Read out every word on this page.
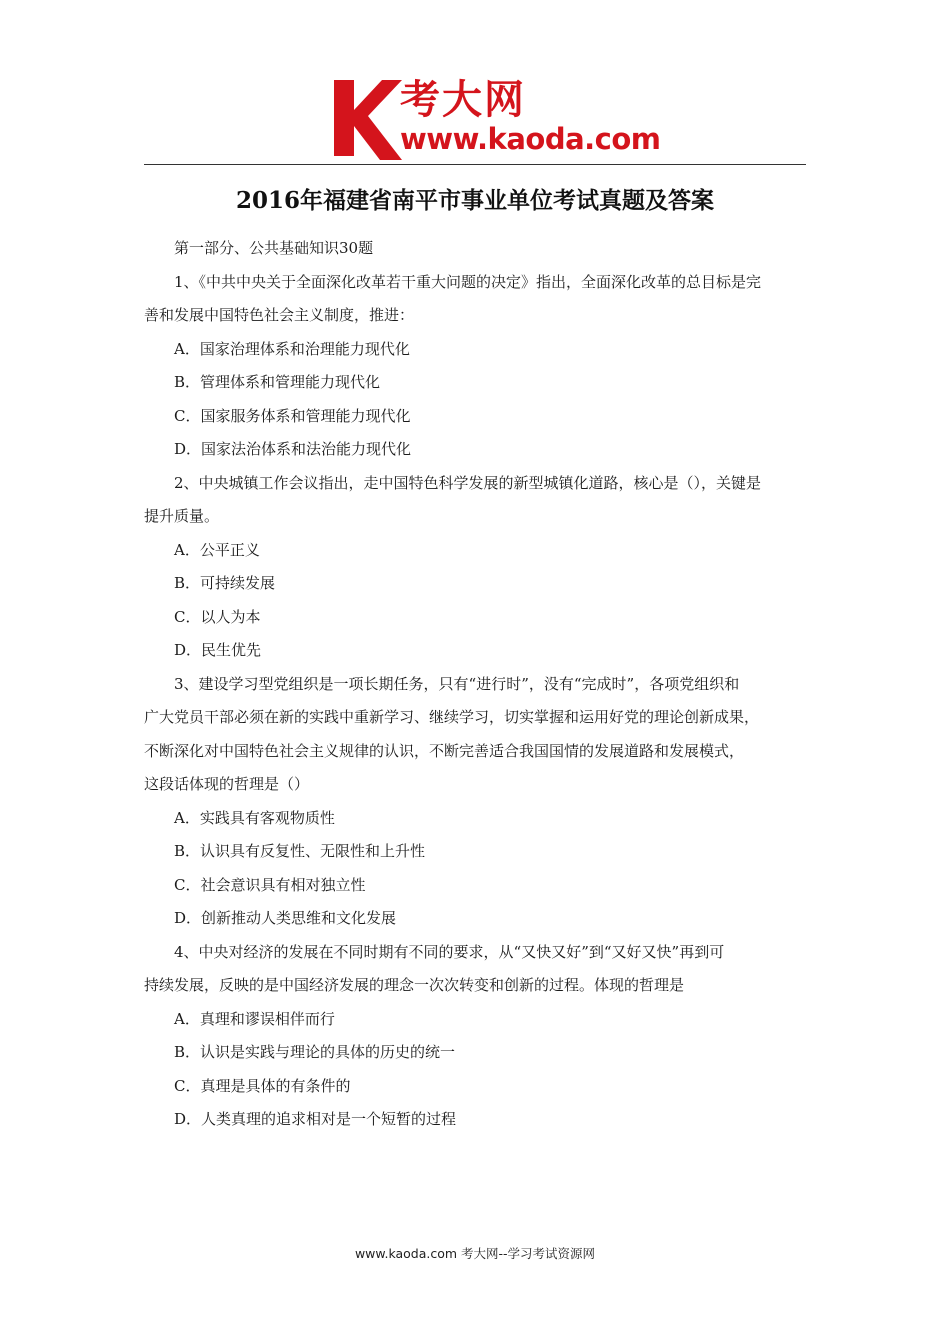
考大网
www.kaoda.com
2016年福建省南平市事业单位考试真题及答案
第一部分、公共基础知识30题
1、《中共中央关于全面深化改革若干重大问题的决定》指出，全面深化改革的总目标是完
善和发展中国特色社会主义制度，推进：
A．国家治理体系和治理能力现代化
B．管理体系和管理能力现代化
C．国家服务体系和管理能力现代化
D．国家法治体系和法治能力现代化
2、中央城镇工作会议指出，走中国特色科学发展的新型城镇化道路，核心是（），关键是
提升质量。
A．公平正义
B．可持续发展
C．以人为本
D．民生优先
3、建设学习型党组织是一项长期任务，只有“进行时”，没有“完成时”，各项党组织和
广大党员干部必须在新的实践中重新学习、继续学习，切实掌握和运用好党的理论创新成果，
不断深化对中国特色社会主义规律的认识，不断完善适合我国国情的发展道路和发展模式，
这段话体现的哲理是（）
A．实践具有客观物质性
B．认识具有反复性、无限性和上升性
C．社会意识具有相对独立性
D．创新推动人类思维和文化发展
4、中央对经济的发展在不同时期有不同的要求，从“又快又好”到“又好又快”再到可
持续发展，反映的是中国经济发展的理念一次次转变和创新的过程。体现的哲理是
A．真理和谬误相伴而行
B．认识是实践与理论的具体的历史的统一
C．真理是具体的有条件的
D．人类真理的追求相对是一个短暂的过程
www.kaoda.com 考大网--学习考试资源网
